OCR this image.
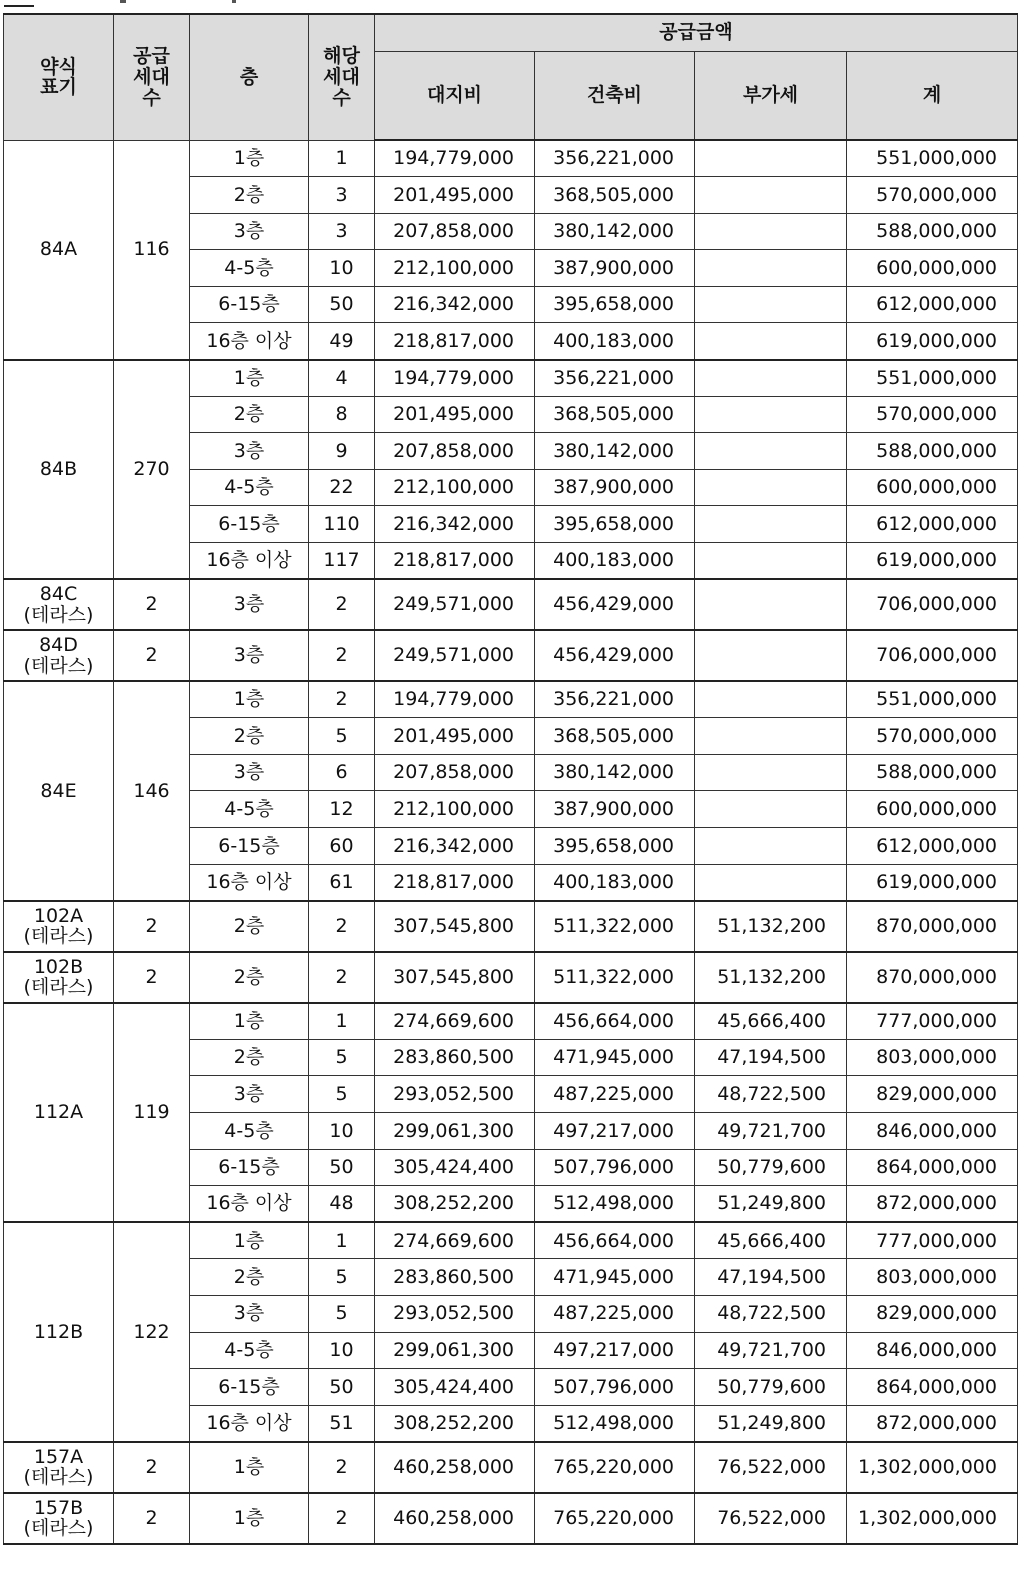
약식
표기	공급
세대
수	층	해당
세대
수	공급금액			
				대지비	건축비	부가세	계
84A	116	1층	1	194,779,000	356,221,000		551,000,000
		2층	3	201,495,000	368,505,000		570,000,000
		3층	3	207,858,000	380,142,000		588,000,000
		4-5층	10	212,100,000	387,900,000		600,000,000
		6-15층	50	216,342,000	395,658,000		612,000,000
		16층 이상	49	218,817,000	400,183,000		619,000,000
84B	270	1층	4	194,779,000	356,221,000		551,000,000
		2층	8	201,495,000	368,505,000		570,000,000
		3층	9	207,858,000	380,142,000		588,000,000
		4-5층	22	212,100,000	387,900,000		600,000,000
		6-15층	110	216,342,000	395,658,000		612,000,000
		16층 이상	117	218,817,000	400,183,000		619,000,000
84C
(테라스)	2	3층	2	249,571,000	456,429,000		706,000,000
84D
(테라스)	2	3층	2	249,571,000	456,429,000		706,000,000
84E	146	1층	2	194,779,000	356,221,000		551,000,000
		2층	5	201,495,000	368,505,000		570,000,000
		3층	6	207,858,000	380,142,000		588,000,000
		4-5층	12	212,100,000	387,900,000		600,000,000
		6-15층	60	216,342,000	395,658,000		612,000,000
		16층 이상	61	218,817,000	400,183,000		619,000,000
102A
(테라스)	2	2층	2	307,545,800	511,322,000	51,132,200	870,000,000
102B
(테라스)	2	2층	2	307,545,800	511,322,000	51,132,200	870,000,000
112A	119	1층	1	274,669,600	456,664,000	45,666,400	777,000,000
		2층	5	283,860,500	471,945,000	47,194,500	803,000,000
		3층	5	293,052,500	487,225,000	48,722,500	829,000,000
		4-5층	10	299,061,300	497,217,000	49,721,700	846,000,000
		6-15층	50	305,424,400	507,796,000	50,779,600	864,000,000
		16층 이상	48	308,252,200	512,498,000	51,249,800	872,000,000
112B	122	1층	1	274,669,600	456,664,000	45,666,400	777,000,000
		2층	5	283,860,500	471,945,000	47,194,500	803,000,000
		3층	5	293,052,500	487,225,000	48,722,500	829,000,000
		4-5층	10	299,061,300	497,217,000	49,721,700	846,000,000
		6-15층	50	305,424,400	507,796,000	50,779,600	864,000,000
		16층 이상	51	308,252,200	512,498,000	51,249,800	872,000,000
157A
(테라스)	2	1층	2	460,258,000	765,220,000	76,522,000	1,302,000,000
157B
(테라스)	2	1층	2	460,258,000	765,220,000	76,522,000	1,302,000,000
